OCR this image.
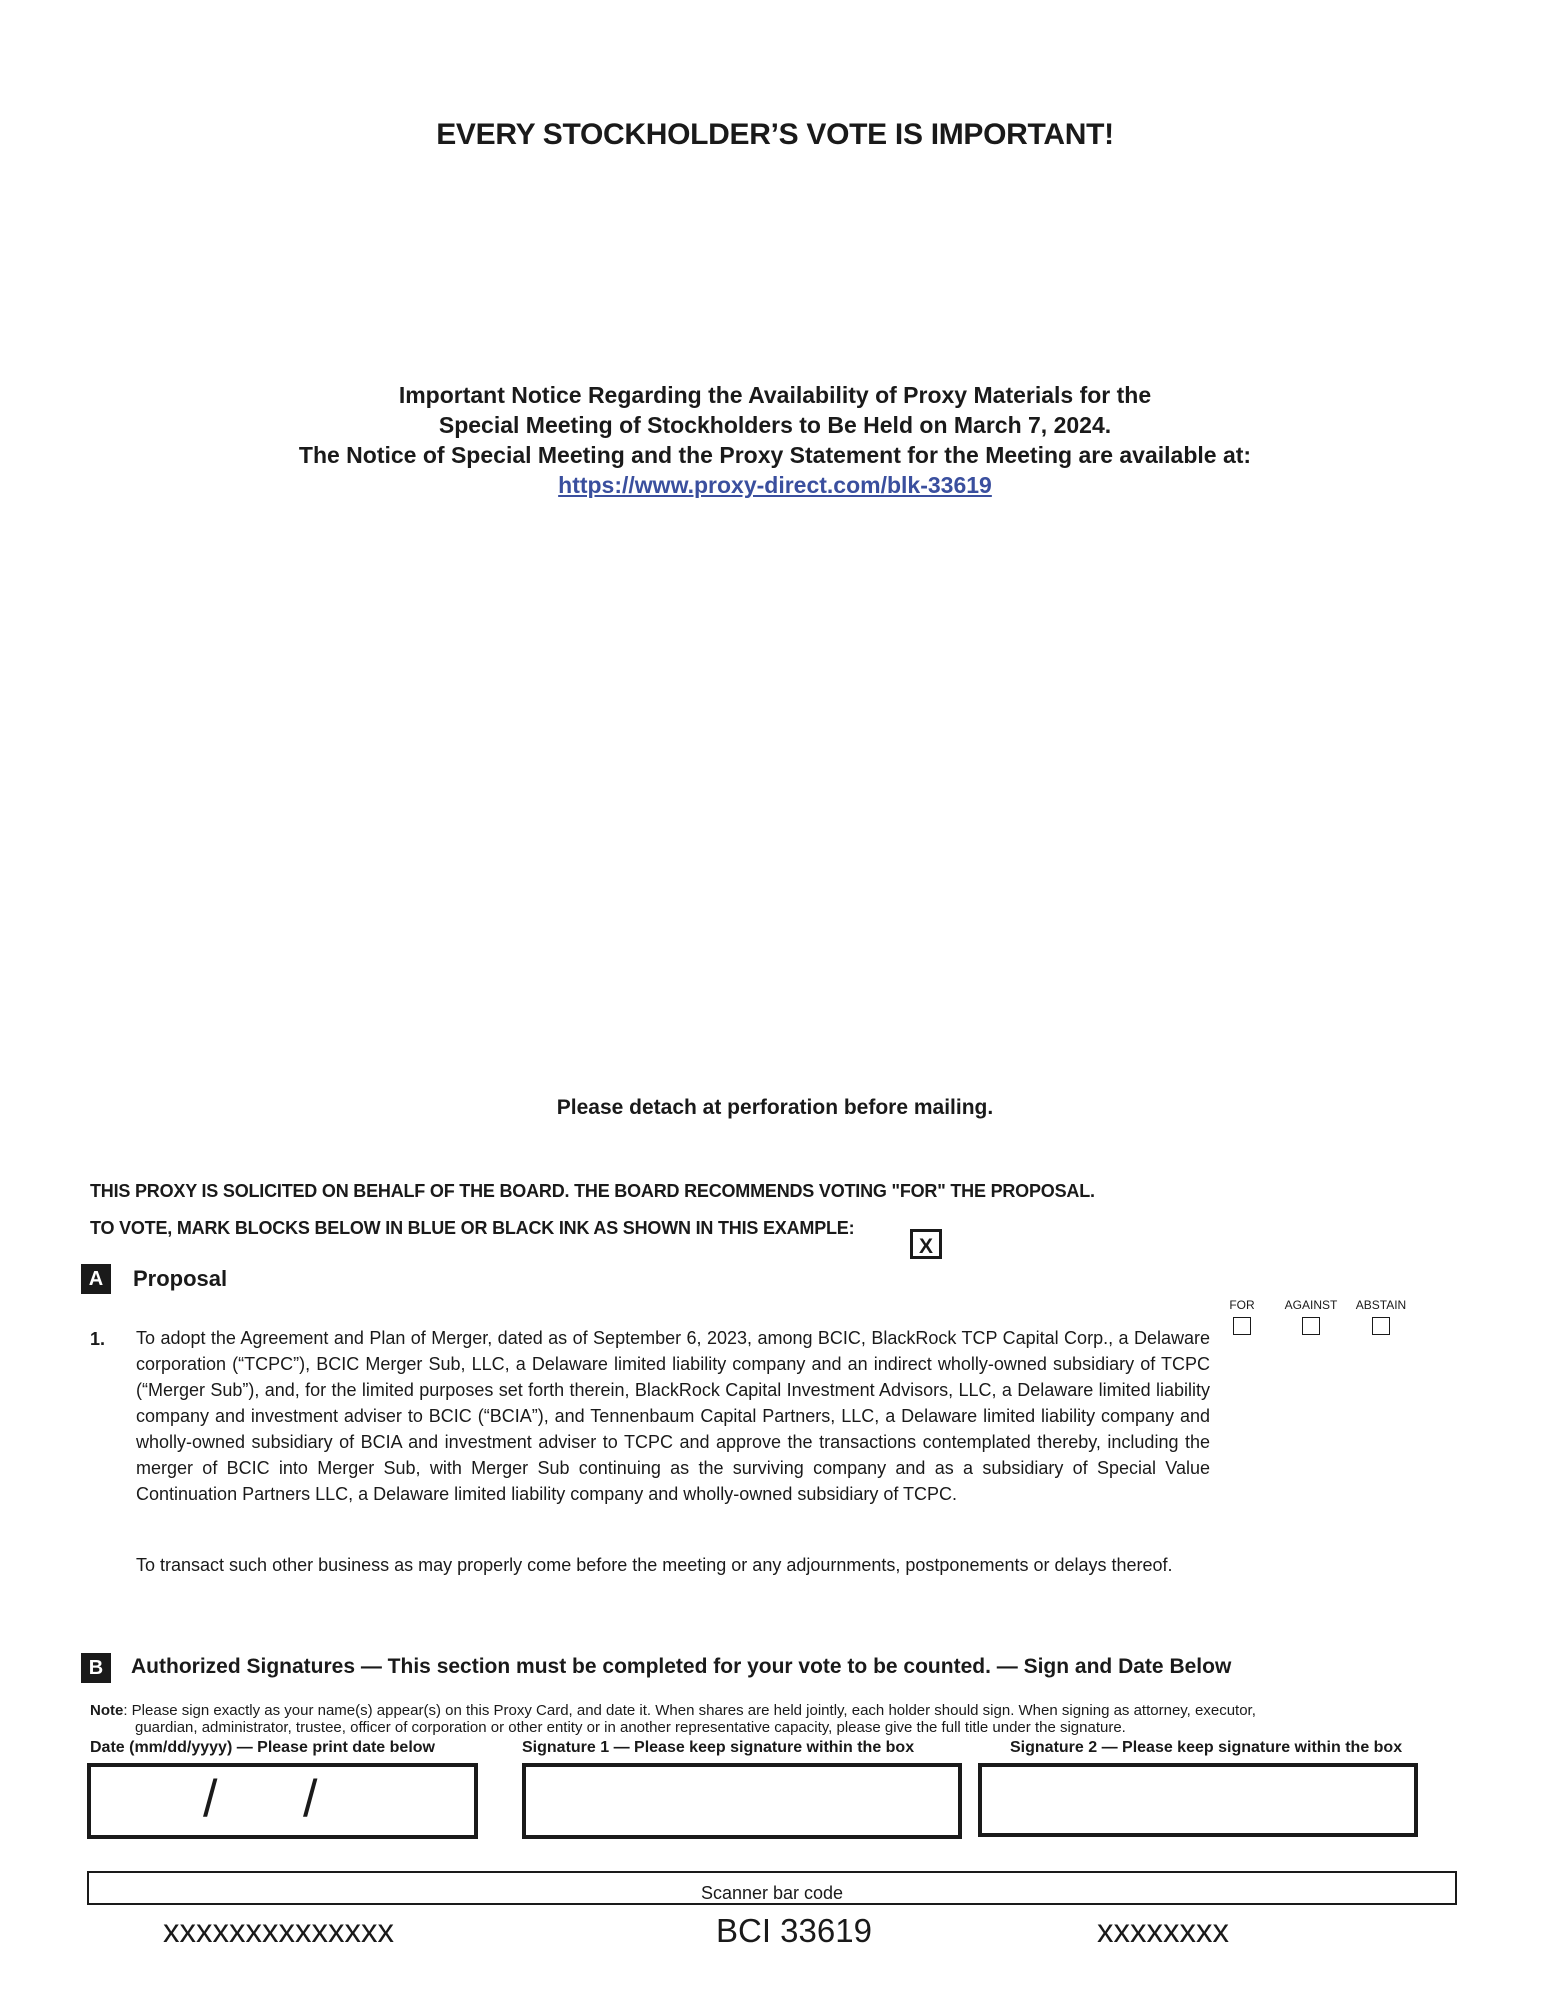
EVERY STOCKHOLDER’S VOTE IS IMPORTANT!
Important Notice Regarding the Availability of Proxy Materials for the
Special Meeting of Stockholders to Be Held on March 7, 2024.
The Notice of Special Meeting and the Proxy Statement for the Meeting are available at:
https://www.proxy-direct.com/blk-33619
Please detach at perforation before mailing.
THIS PROXY IS SOLICITED ON BEHALF OF THE BOARD. THE BOARD RECOMMENDS VOTING "FOR" THE PROPOSAL.
TO VOTE, MARK BLOCKS BELOW IN BLUE OR BLACK INK AS SHOWN IN THIS EXAMPLE:
X
A	Proposal
FOR	AGAINST	ABSTAIN
1. To adopt the Agreement and Plan of Merger, dated as of September 6, 2023, among BCIC, BlackRock TCP Capital Corp., a Delaware corporation (“TCPC”), BCIC Merger Sub, LLC, a Delaware limited liability company and an indirect wholly-owned subsidiary of TCPC (“Merger Sub”), and, for the limited purposes set forth therein, BlackRock Capital Investment Advisors, LLC, a Delaware limited liability company and investment adviser to BCIC (“BCIA”), and Tennenbaum Capital Partners, LLC, a Delaware limited liability company and wholly-owned subsidiary of BCIA and investment adviser to TCPC and approve the transactions contemplated thereby, including the merger of BCIC into Merger Sub, with Merger Sub continuing as the surviving company and as a subsidiary of Special Value Continuation Partners LLC, a Delaware limited liability company and wholly-owned subsidiary of TCPC.
To transact such other business as may properly come before the meeting or any adjournments, postponements or delays thereof.
B	Authorized Signatures — This section must be completed for your vote to be counted. — Sign and Date Below
Note: Please sign exactly as your name(s) appear(s) on this Proxy Card, and date it. When shares are held jointly, each holder should sign. When signing as attorney, executor,
guardian, administrator, trustee, officer of corporation or other entity or in another representative capacity, please give the full title under the signature.
Date (mm/dd/yyyy) — Please print date below	Signature 1 — Please keep signature within the box	Signature 2 — Please keep signature within the box
/ /
Scanner bar code
xxxxxxxxxxxxxx	BCI 33619	xxxxxxxx
